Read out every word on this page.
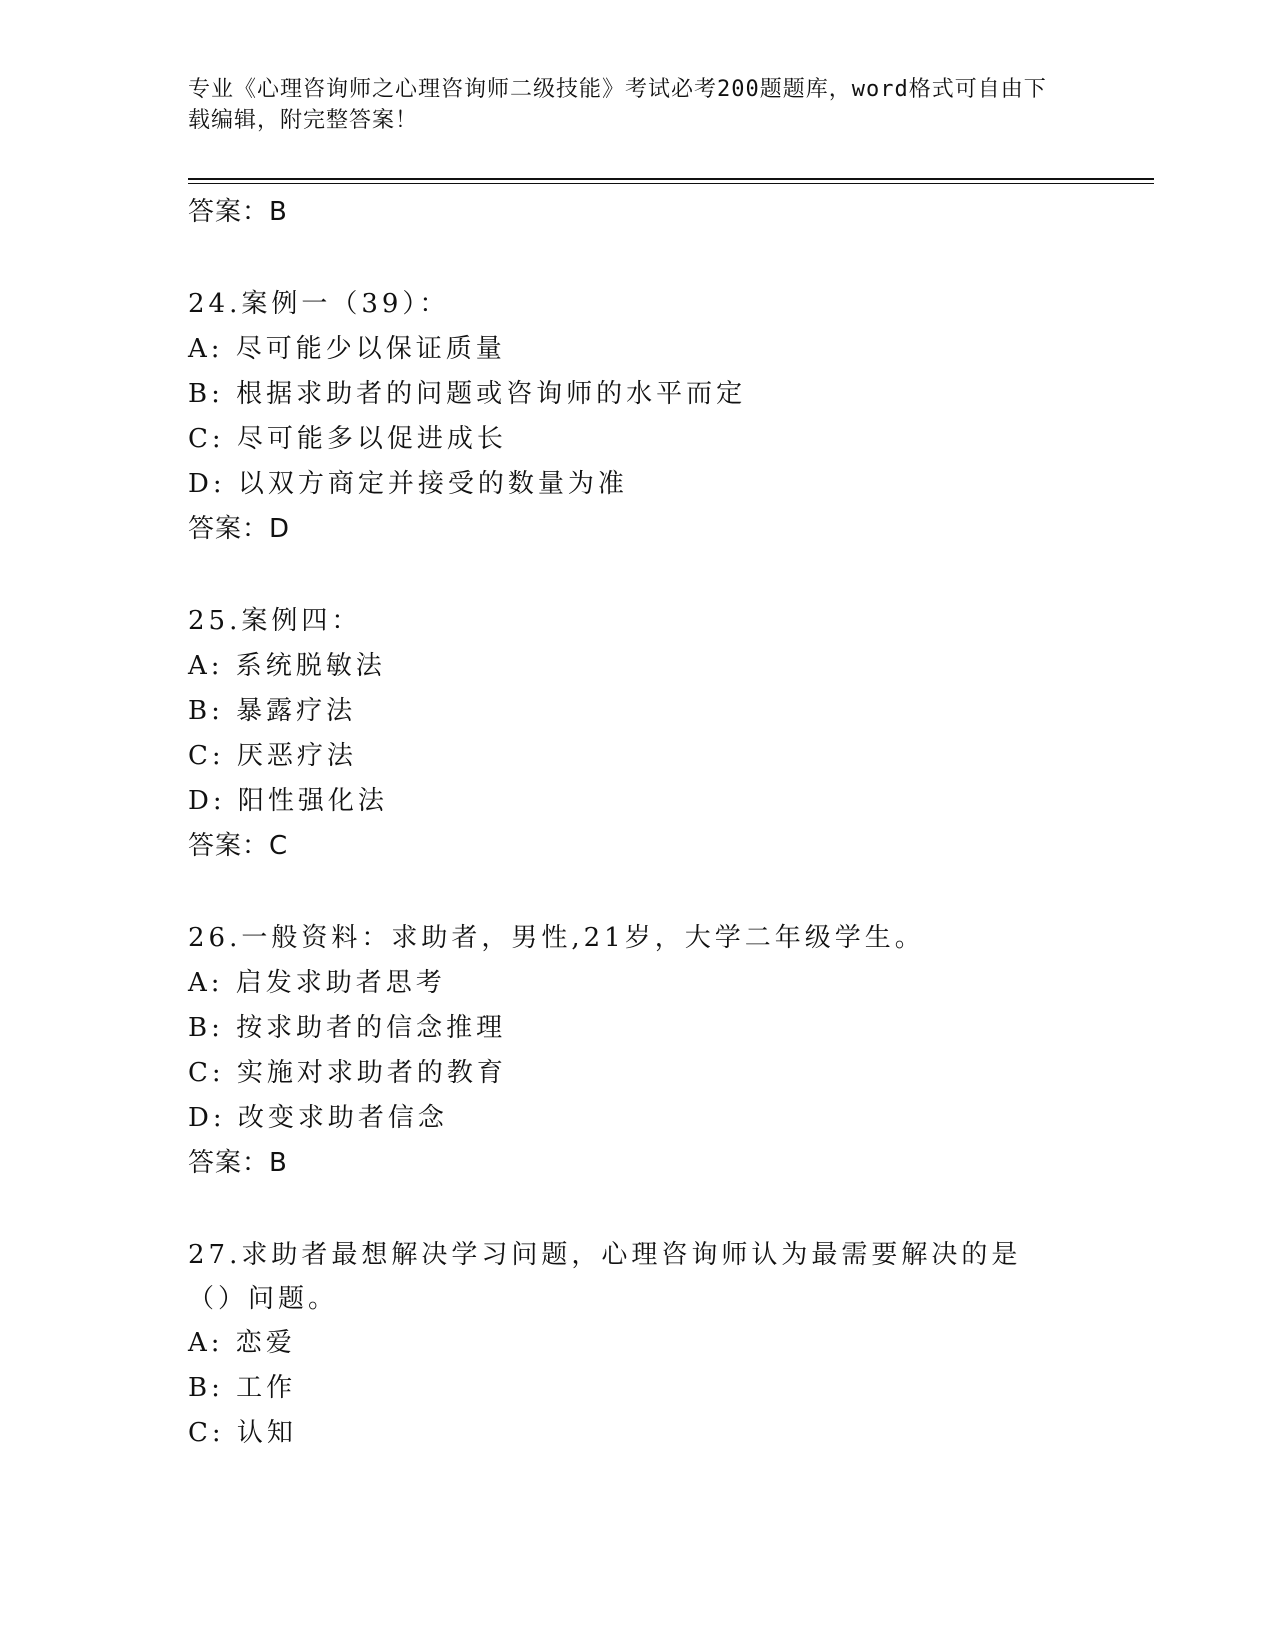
专业《心理咨询师之心理咨询师二级技能》考试必考200题题库，word格式可自由下载编辑，附完整答案！
答案：B
24.案例一（39）：
A: 尽可能少以保证质量
B: 根据求助者的问题或咨询师的水平而定
C: 尽可能多以促进成长
D: 以双方商定并接受的数量为准
答案：D
25.案例四：
A: 系统脱敏法
B: 暴露疗法
C: 厌恶疗法
D: 阳性强化法
答案：C
26.一般资料：求助者，男性,21岁，大学二年级学生。
A: 启发求助者思考
B: 按求助者的信念推理
C: 实施对求助者的教育
D: 改变求助者信念
答案：B
27.求助者最想解决学习问题，心理咨询师认为最需要解决的是（）问题。
A: 恋爱
B: 工作
C: 认知
